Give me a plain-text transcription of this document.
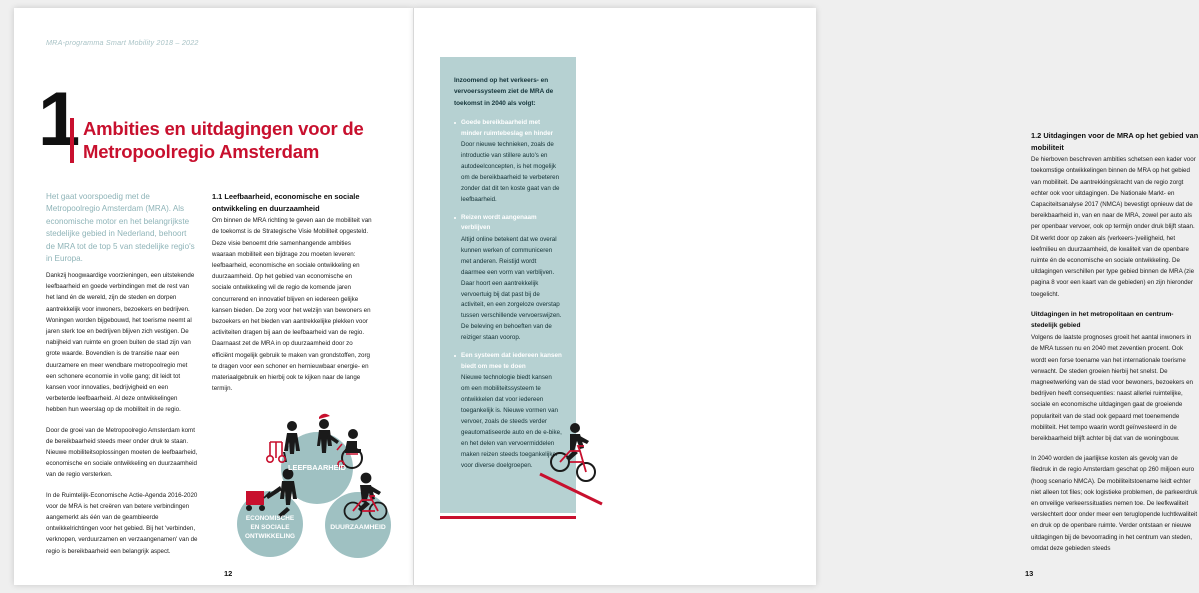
MRA-programma Smart Mobility 2018 – 2022
1 Ambities en uitdagingen voor de Metropoolregio Amsterdam
Het gaat voorspoedig met de Metropoolregio Amsterdam (MRA). Als economische motor en het belangrijkste stedelijke gebied in Nederland, behoort de MRA tot de top 5 van stedelijke regio's in Europa.

Dankzij hoogwaardige voorzieningen, een uitstekende leefbaarheid en goede verbindingen met de rest van het land én de wereld, zijn de steden en dorpen aantrekkelijk voor inwoners, bezoekers en bedrijven. Woningen worden bijgebouwd, het toerisme neemt al jaren sterk toe en bedrijven blijven zich vestigen. De nabijheid van ruimte en groen buiten de stad zijn van grote waarde. Bovendien is de transitie naar een duurzamere en meer wendbare metropoolregio met een schonere economie in volle gang; dit leidt tot kansen voor innovaties, bedrijvigheid en een verbeterde leefbaarheid. Al deze ontwikkelingen hebben hun weerslag op de mobiliteit in de regio.

Door de groei van de Metropoolregio Amsterdam komt de bereikbaarheid steeds meer onder druk te staan. Nieuwe mobiliteitsoplossingen moeten de leefbaarheid, economische en sociale ontwikkeling en duurzaamheid van de regio versterken.

In de Ruimtelijk-Economische Actie-Agenda 2016-2020 voor de MRA is het creëren van betere verbindingen aangemerkt als één van de geambieerde ontwikkelrichtingen voor het gebied. Bij het 'verbinden, verknopen, verduurzamen en verzaangenamen' van de regio is bereikbaarheid een belangrijk aspect.

1.1 Leefbaarheid, economische en sociale ontwikkeling en duurzaamheid

Om binnen de MRA richting te geven aan de mobiliteit van de toekomst is de Strategische Visie Mobiliteit opgesteld. Deze visie benoemt drie samenhangende ambities waaraan mobiliteit een bijdrage zou moeten leveren: leefbaarheid, economische en sociale ontwikkeling en duurzaamheid. Op het gebied van economische en sociale ontwikkeling wil de regio de komende jaren concurrerend en innovatief blijven en iedereen gelijke kansen bieden. De zorg voor het welzijn van bewoners en bezoekers en het bieden van aantrekkelijke plekken voor activiteiten dragen bij aan de leefbaarheid van de regio. Daarnaast zet de MRA in op duurzaamheid door zo efficiënt mogelijk gebruik te maken van grondstoffen, zorg te dragen voor een schoner en hernieuwbaar energie- en materiaalgebruik en hierbij ook te kijken naar de lange termijn.

LEEFBAARHEID
ECONOMISCHE
EN SOCIALE
ONTWIKKELING
DUURZAAMHEID
12
1.2 Uitdagingen voor de MRA op het gebied van mobiliteit

De hierboven beschreven ambities schetsen een kader voor toekomstige ontwikkelingen binnen de MRA op het gebied van mobiliteit. De aantrekkingskracht van de regio zorgt echter ook voor uitdagingen. De Nationale Markt- en Capaciteitsanalyse 2017 (NMCA) bevestigt opnieuw dat de bereikbaarheid in, van en naar de MRA, zowel per auto als per openbaar vervoer, ook op termijn onder druk blijft staan. Dit werkt door op zaken als (verkeers-)veiligheid, het leefmilieu en duurzaamheid, de kwaliteit van de openbare ruimte én de economische en sociale ontwikkeling. De uitdagingen verschillen per type gebied binnen de MRA (zie pagina 8 voor een kaart van de gebieden) en zijn hieronder toegelicht.

Uitdagingen in het metropolitaan en centrum-stedelijk gebied

Volgens de laatste prognoses groeit het aantal inwoners in de MRA tussen nu en 2040 met zeventien procent. Ook wordt een forse toename van het internationale toerisme verwacht. De steden groeien hierbij het snelst. De magneetwerking van de stad voor bewoners, bezoekers en bedrijven heeft consequenties: naast allerlei ruimtelijke, sociale en economische uitdagingen gaat de groeiende populariteit van de stad ook gepaard met toenemende mobiliteit. Het tempo waarin wordt geïnvesteerd in de bereikbaarheid blijft achter bij dat van de woningbouw.

In 2040 worden de jaarlijkse kosten als gevolg van de filedruk in de regio Amsterdam geschat op 260 miljoen euro (hoog scenario NMCA). De mobiliteitstoename leidt echter niet alleen tot files; ook logistieke problemen, de parkeerdruk en onveilige verkeerssituaties nemen toe. De leefkwaliteit verslechtert door onder meer een teruglopende luchtkwaliteit en druk op de openbare ruimte. Verder ontstaan er nieuwe uitdagingen bij de bevoorrading in het centrum van steden, omdat deze gebieden steeds

13

Inzoomend op het verkeers- en vervoerssysteem ziet de MRA de toekomst in 2040 als volgt:

Goede bereikbaarheid met minder ruimtebeslag en hinder
Door nieuwe technieken, zoals de introductie van stillere auto's en autodeelconcepten, is het mogelijk om de bereikbaarheid te verbeteren zonder dat dit ten koste gaat van de leefbaarheid.
Reizen wordt aangenaam verblijven
Altijd online betekent dat we overal kunnen werken of communiceren met anderen. Reistijd wordt daarmee een vorm van verblijven. Daar hoort een aantrekkelijk vervoertuig bij dat past bij de activiteit, en een zorgeloze overstap tussen verschillende vervoerswijzen. De beleving en behoeften van de reiziger staan voorop.
Een systeem dat iedereen kansen biedt om mee te doen
Nieuwe technologie biedt kansen om een mobiliteitssysteem te ontwikkelen dat voor iedereen toegankelijk is. Nieuwe vormen van vervoer, zoals de steeds verder geautomatiseerde auto en de e-bike, en het delen van vervoermiddelen maken reizen steeds toegankelijker voor diverse doelgroepen.
